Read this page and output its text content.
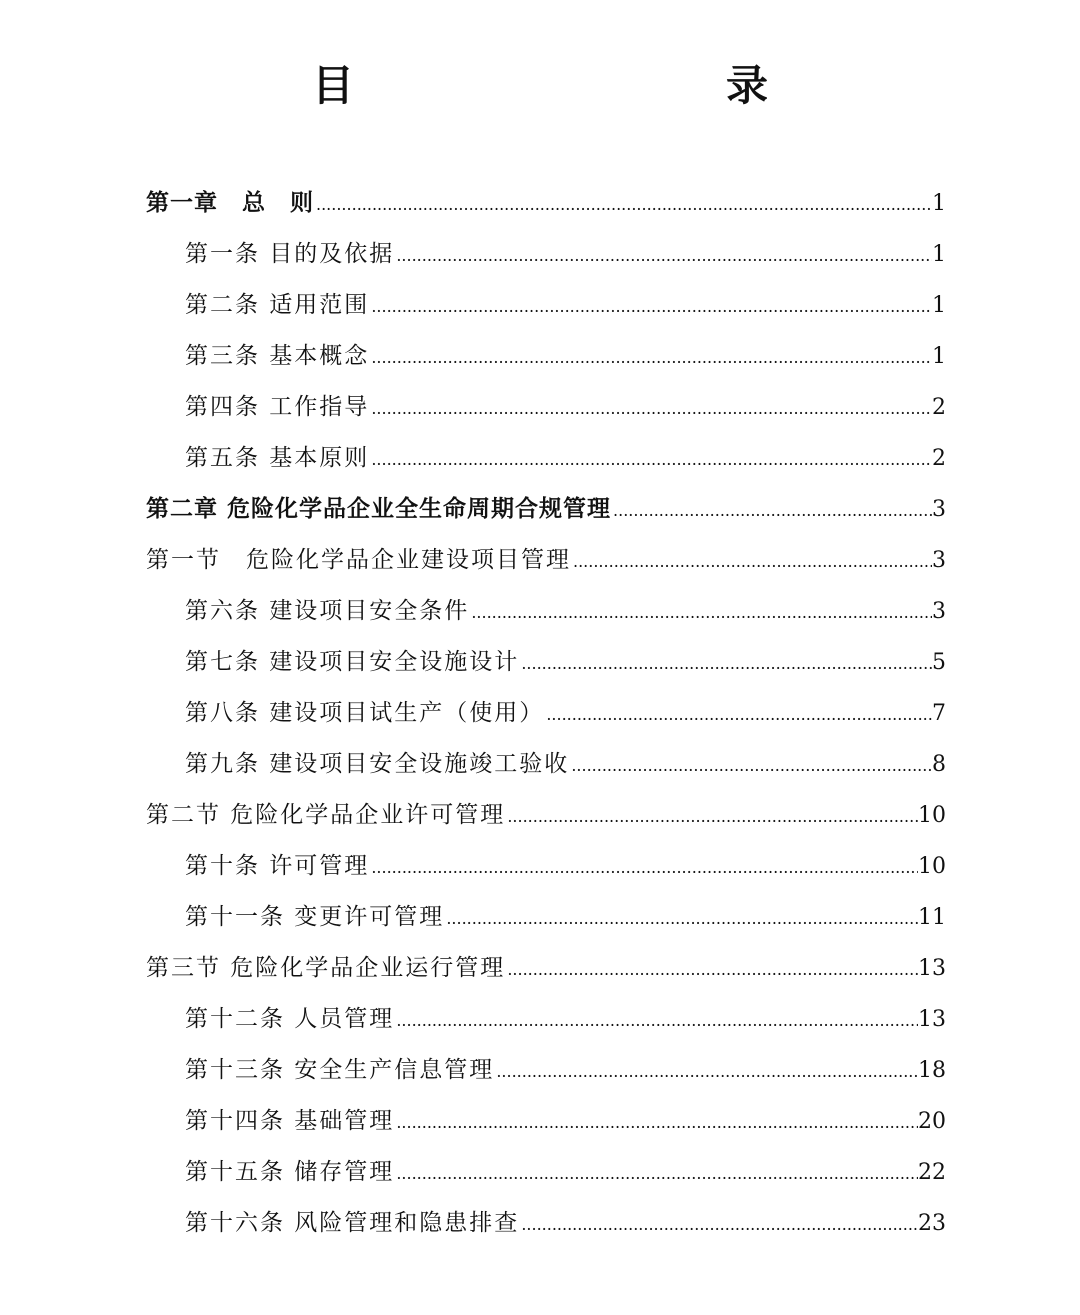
目　　录
第一章　总　则 .....	1
第一条 目的及依据 .....	1
第二条 适用范围 .....	1
第三条 基本概念 .....	1
第四条 工作指导 .....	2
第五条 基本原则 .....	2
第二章 危险化学品企业全生命周期合规管理 .....	3
第一节　危险化学品企业建设项目管理 .....	3
第六条 建设项目安全条件 .....	3
第七条 建设项目安全设施设计 .....	5
第八条 建设项目试生产（使用） .....	7
第九条 建设项目安全设施竣工验收 .....	8
第二节 危险化学品企业许可管理 .....	10
第十条 许可管理 .....	10
第十一条 变更许可管理 .....	11
第三节 危险化学品企业运行管理 .....	13
第十二条 人员管理 .....	13
第十三条 安全生产信息管理 .....	18
第十四条 基础管理 .....	20
第十五条 储存管理 .....	22
第十六条 风险管理和隐患排查 .....	23
